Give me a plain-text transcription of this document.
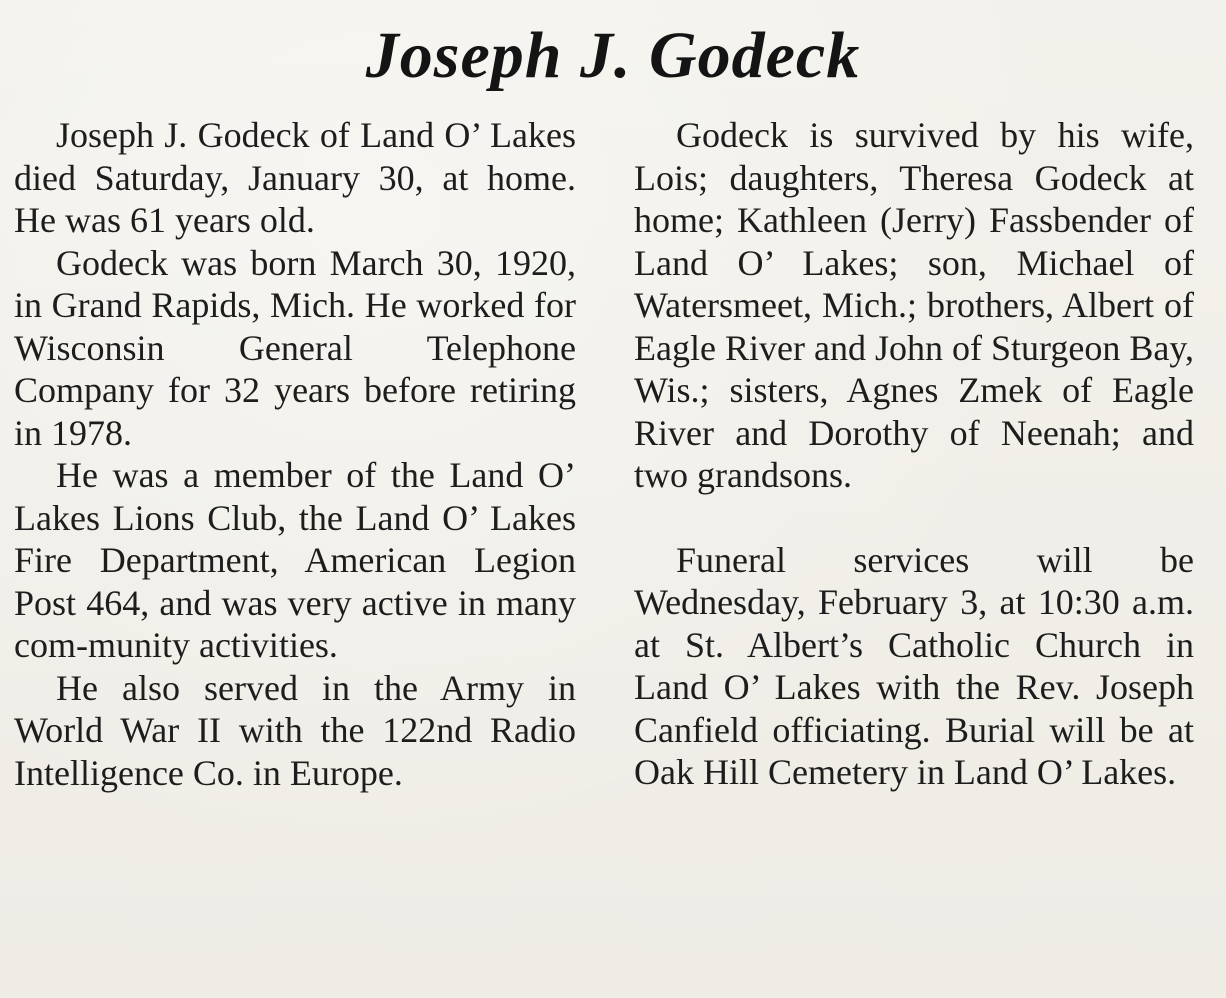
Joseph J. Godeck

Joseph J. Godeck of Land O’ Lakes died Saturday, January 30, at home. He was 61 years old.

Godeck was born March 30, 1920, in Grand Rapids, Mich. He worked for Wisconsin General Telephone Company for 32 years before retiring in 1978.

He was a member of the Land O’ Lakes Lions Club, the Land O’ Lakes Fire Department, American Legion Post 464, and was very active in many com-munity activities.

He also served in the Army in World War II with the 122nd Radio Intelligence Co. in Europe.

Godeck is survived by his wife, Lois; daughters, Theresa Godeck at home; Kathleen (Jerry) Fassbender of Land O’ Lakes; son, Michael of Watersmeet, Mich.; brothers, Albert of Eagle River and John of Sturgeon Bay, Wis.; sisters, Agnes Zmek of Eagle River and Dorothy of Neenah; and two grandsons.

Funeral services will be Wednesday, February 3, at 10:30 a.m. at St. Albert’s Catholic Church in Land O’ Lakes with the Rev. Joseph Canfield officiating. Burial will be at Oak Hill Cemetery in Land O’ Lakes.
